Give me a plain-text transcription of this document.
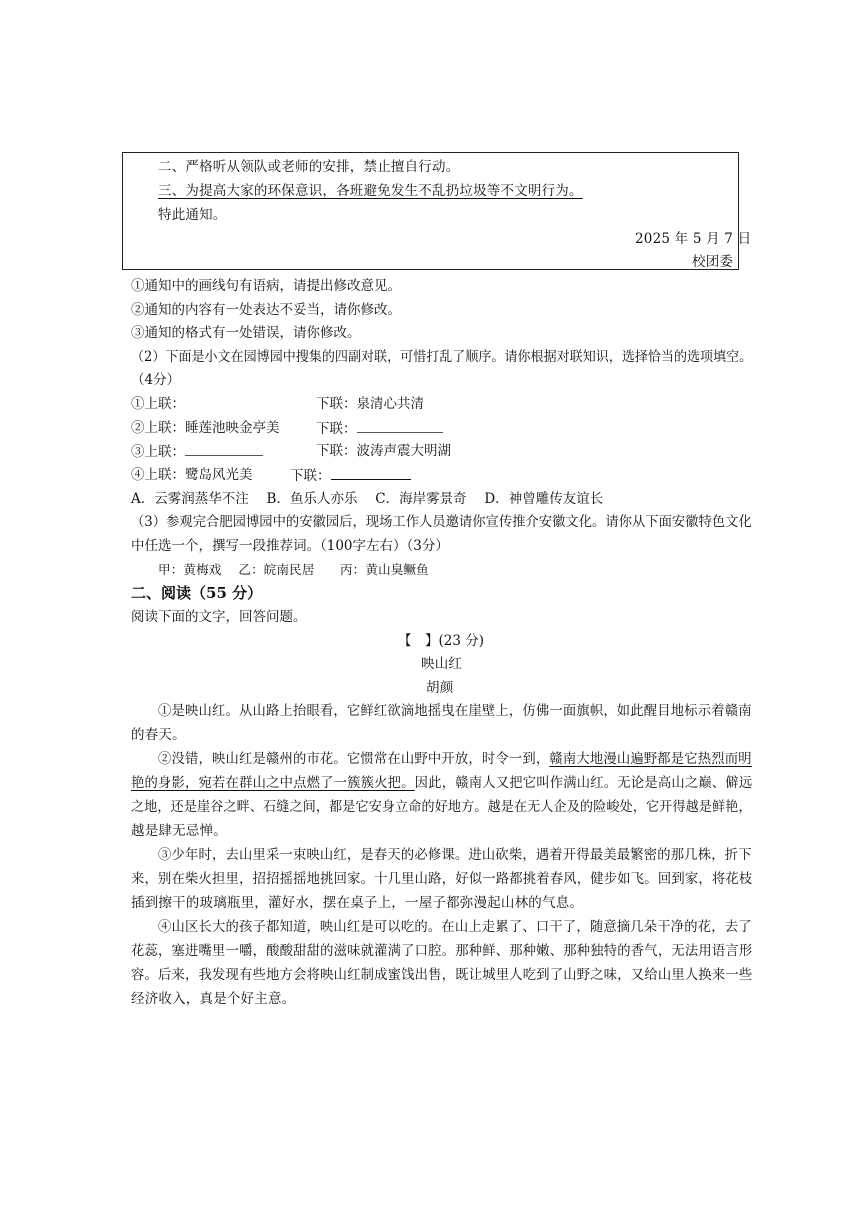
二、严格听从领队或老师的安排，禁止擅自行动。
三、为提高大家的环保意识，各班避免发生不乱扔垃圾等不文明行为。
特此通知。
2025 年 5 月 7 日
校团委
①通知中的画线句有语病，请提出修改意见。
②通知的内容有一处表达不妥当，请你修改。
③通知的格式有一处错误，请你修改。
（2）下面是小文在园博园中搜集的四副对联，可惜打乱了顺序。请你根据对联知识，选择恰当的选项填空。
（4分）
①上联：	下联：泉清心共清
②上联：睡莲池映金亭美	下联：
③上联：	下联：波涛声震大明湖
④上联：鹭岛风光美	下联：
A．云雾润蒸华不注　 B．鱼乐人亦乐　 C．海岸雾景奇　 D．神曾雕传友谊长
（3）参观完合肥园博园中的安徽园后，现场工作人员邀请你宣传推介安徽文化。请你从下面安徽特色文化
中任选一个，撰写一段推荐词。（100字左右）（3分）
甲：黄梅戏　 乙：皖南民居　　丙：黄山臭鳜鱼
二、阅读（55 分）
阅读下面的文字，回答问题。
【　】(23 分)
映山红
胡颜
①是映山红。从山路上抬眼看，它鲜红欲滴地摇曳在崖壁上，仿佛一面旗帜，如此醒目地标示着赣南
的春天。
②没错，映山红是赣州的市花。它惯常在山野中开放，时令一到，赣南大地漫山遍野都是它热烈而明
艳的身影，宛若在群山之中点燃了一簇簇火把。因此，赣南人又把它叫作满山红。无论是高山之巅、僻远
之地，还是崖谷之畔、石缝之间，都是它安身立命的好地方。越是在无人企及的险峻处，它开得越是鲜艳，
越是肆无忌惮。
③少年时，去山里采一束映山红，是春天的必修课。进山砍柴，遇着开得最美最繁密的那几株，折下
来，别在柴火担里，招招摇摇地挑回家。十几里山路，好似一路都挑着春风，健步如飞。回到家，将花枝
插到擦干的玻璃瓶里，灌好水，摆在桌子上，一屋子都弥漫起山林的气息。
④山区长大的孩子都知道，映山红是可以吃的。在山上走累了、口干了，随意摘几朵干净的花，去了
花蕊，塞进嘴里一嚼，酸酸甜甜的滋味就灌满了口腔。那种鲜、那种嫩、那种独特的香气，无法用语言形
容。后来，我发现有些地方会将映山红制成蜜饯出售，既让城里人吃到了山野之味，又给山里人换来一些
经济收入，真是个好主意。
